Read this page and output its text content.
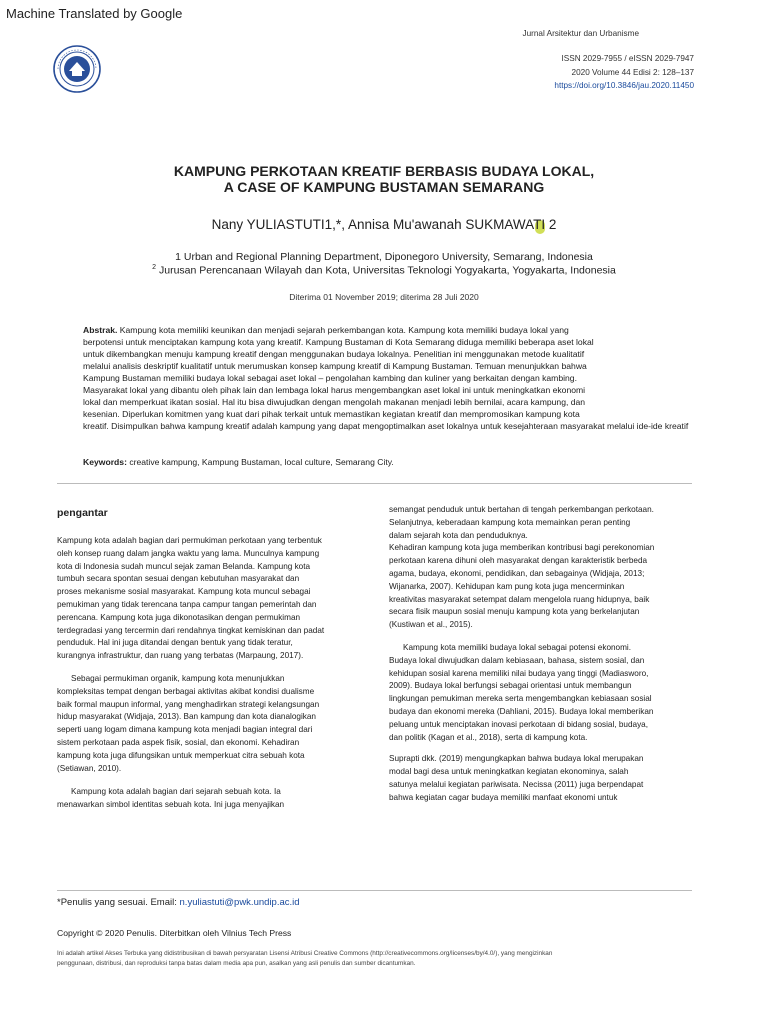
Machine Translated by Google
Jurnal Arsitektur dan Urbanisme
ISSN 2029-7955 / eISSN 2029-7947
2020 Volume 44 Edisi 2: 128–137
https://doi.org/10.3846/jau.2020.11450
KAMPUNG PERKOTAAN KREATIF BERBASIS BUDAYA LOKAL,
A CASE OF KAMPUNG BUSTAMAN SEMARANG
Nany YULIASTUTI1,*, Annisa Mu'awanah SUKMAWATI 2
1 Urban and Regional Planning Department, Diponegoro University, Semarang, Indonesia
$^2$ Jurusan Perencanaan Wilayah dan Kota, Universitas Teknologi Yogyakarta, Yogyakarta, Indonesia
Diterima 01 November 2019; diterima 28 Juli 2020
Abstrak. Kampung kota memiliki keunikan dan menjadi sejarah perkembangan kota. Kampung kota memiliki budaya lokal yang
berpotensi untuk menciptakan kampung kota yang kreatif. Kampung Bustaman di Kota Semarang diduga memiliki beberapa aset lokal
untuk dikembangkan menuju kampung kreatif dengan menggunakan budaya lokalnya. Penelitian ini menggunakan metode kualitatif
melalui analisis deskriptif kualitatif untuk merumuskan konsep kampung kreatif di Kampung Bustaman. Temuan menunjukkan bahwa
Kampung Bustaman memiliki budaya lokal sebagai aset lokal – pengolahan kambing dan kuliner yang berkaitan dengan kambing.
Masyarakat lokal yang dibantu oleh pihak lain dan lembaga lokal harus mengembangkan aset lokal ini untuk meningkatkan ekonomi
lokal dan memperkuat ikatan sosial. Hal itu bisa diwujudkan dengan mengolah makanan menjadi lebih bernilai, acara kampung, dan
kesenian. Diperlukan komitmen yang kuat dari pihak terkait untuk memastikan kegiatan kreatif dan mempromosikan kampung kota
kreatif. Disimpulkan bahwa kampung kreatif adalah kampung yang dapat mengoptimalkan aset lokalnya untuk kesejahteraan masyarakat melalui ide-ide kreatif
Keywords: creative kampung, Kampung Bustaman, local culture, Semarang City.
pengantar

Kampung kota adalah bagian dari permukiman perkotaan yang terbentuk
oleh konsep ruang dalam jangka waktu yang lama. Munculnya kampung
kota di Indonesia sudah muncul sejak zaman Belanda. Kampung kota
tumbuh secara spontan sesuai dengan kebutuhan masyarakat dan
proses mekanisme sosial masyarakat. Kampung kota muncul sebagai
pemukiman yang tidak terencana tanpa campur tangan pemerintah dan
perencana. Kampung kota juga dikonotasikan dengan permukiman
terdegradasi yang tercermin dari rendahnya tingkat kemiskinan dan padat
penduduk. Hal ini juga ditandai dengan bentuk yang tidak teratur,
kurangnya infrastruktur, dan ruang yang terbatas (Marpaung, 2017).

Sebagai permukiman organik, kampung kota menunjukkan
kompleksitas tempat dengan berbagai aktivitas akibat kondisi dualisme
baik formal maupun informal, yang menghadirkan strategi kelangsungan
hidup masyarakat (Widjaja, 2013). Ban kampung dan kota dianalogikan
seperti uang logam dimana kampung kota menjadi bagian integral dari
sistem perkotaan pada aspek fisik, sosial, dan ekonomi. Kehadiran
kampung kota juga difungsikan untuk memperkuat citra sebuah kota
(Setiawan, 2010).

Kampung kota adalah bagian dari sejarah sebuah kota. Ia
menawarkan simbol identitas sebuah kota. Ini juga menyajikan

semangat penduduk untuk bertahan di tengah perkembangan perkotaan.
Selanjutnya, keberadaan kampung kota memainkan peran penting
dalam sejarah kota dan penduduknya.
Kehadiran kampung kota juga memberikan kontribusi bagi perekonomian
perkotaan karena dihuni oleh masyarakat dengan karakteristik berbeda
agama, budaya, ekonomi, pendidikan, dan sebagainya (Widjaja, 2013;
Wijanarka, 2007). Kehidupan kam pung kota juga mencerminkan
kreativitas masyarakat setempat dalam mengelola ruang hidupnya, baik
secara fisik maupun sosial menuju kampung kota yang berkelanjutan
(Kustiwan et al., 2015).

Kampung kota memiliki budaya lokal sebagai potensi ekonomi.
Budaya lokal diwujudkan dalam kebiasaan, bahasa, sistem sosial, dan
kehidupan sosial karena memiliki nilai budaya yang tinggi (Madiasworo,
2009). Budaya lokal berfungsi sebagai orientasi untuk membangun
lingkungan pemukiman mereka serta mengembangkan kebiasaan sosial
budaya dan ekonomi mereka (Dahliani, 2015). Budaya lokal memberikan
peluang untuk menciptakan inovasi perkotaan di bidang sosial, budaya,
dan politik (Kagan et al., 2018), serta di kampung kota.

Suprapti dkk. (2019) mengungkapkan bahwa budaya lokal merupakan
modal bagi desa untuk meningkatkan kegiatan ekonominya, salah
satunya melalui kegiatan pariwisata. Necissa (2011) juga berpendapat
bahwa kegiatan cagar budaya memiliki manfaat ekonomi untuk

*Penulis yang sesuai. Email: n.yuliastuti@pwk.undip.ac.id
Copyright © 2020 Penulis. Diterbitkan oleh Vilnius Tech Press
Ini adalah artikel Akses Terbuka yang didistribusikan di bawah persyaratan Lisensi Atribusi Creative Commons (http://creativecommons.org/licenses/by/4.0/), yang mengizinkan
penggunaan, distribusi, dan reproduksi tanpa batas dalam media apa pun, asalkan yang asli penulis dan sumber dicantumkan.
